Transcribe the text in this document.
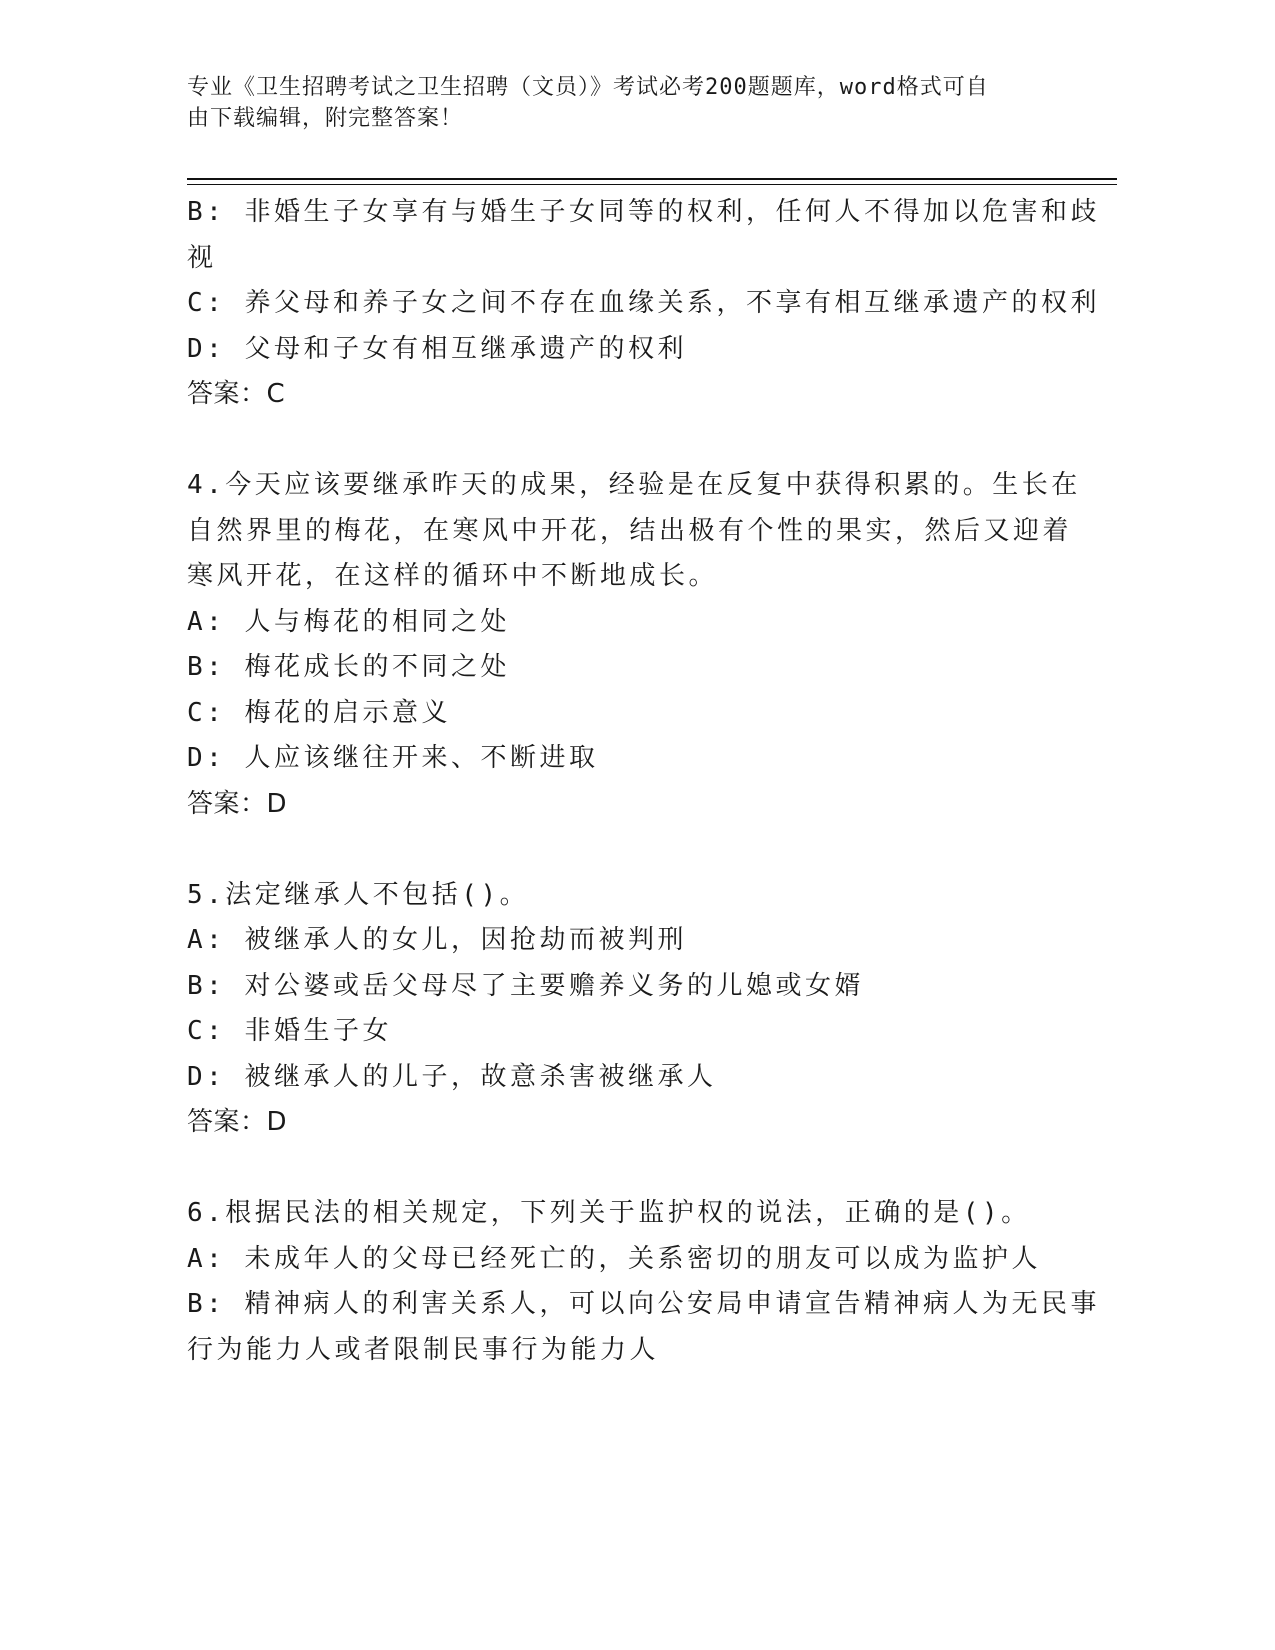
专业《卫生招聘考试之卫生招聘（文员）》考试必考200题题库，word格式可自
由下载编辑，附完整答案！
B: 非婚生子女享有与婚生子女同等的权利，任何人不得加以危害和歧
视
C: 养父母和养子女之间不存在血缘关系，不享有相互继承遗产的权利
D: 父母和子女有相互继承遗产的权利
答案：C
4.今天应该要继承昨天的成果，经验是在反复中获得积累的。生长在
自然界里的梅花，在寒风中开花，结出极有个性的果实，然后又迎着
寒风开花，在这样的循环中不断地成长。
A: 人与梅花的相同之处
B: 梅花成长的不同之处
C: 梅花的启示意义
D: 人应该继往开来、不断进取
答案：D
5.法定继承人不包括()。
A: 被继承人的女儿，因抢劫而被判刑
B: 对公婆或岳父母尽了主要赡养义务的儿媳或女婿
C: 非婚生子女
D: 被继承人的儿子，故意杀害被继承人
答案：D
6.根据民法的相关规定，下列关于监护权的说法，正确的是()。
A: 未成年人的父母已经死亡的，关系密切的朋友可以成为监护人
B: 精神病人的利害关系人，可以向公安局申请宣告精神病人为无民事
行为能力人或者限制民事行为能力人
